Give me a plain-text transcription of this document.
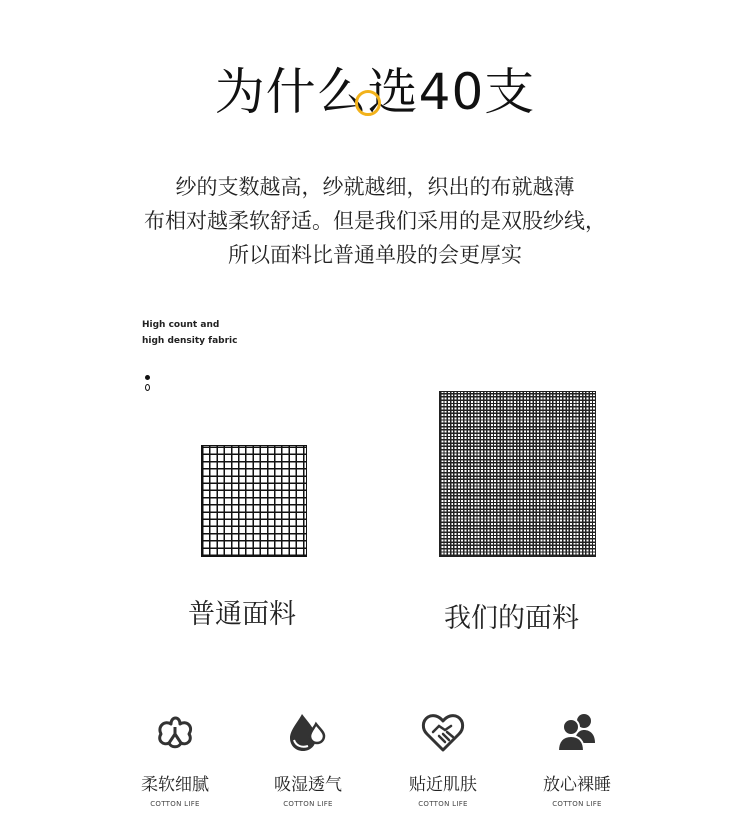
为什么选40支
纱的支数越高，纱就越细，织出的布就越薄
布相对越柔软舒适。但是我们采用的是双股纱线，
所以面料比普通单股的会更厚实
High count and
high density fabric
普通面料	我们的面料
柔软细腻
COTTON LIFE
吸湿透气
COTTON LIFE
贴近肌肤
COTTON LIFE
放心裸睡
COTTON LIFE
